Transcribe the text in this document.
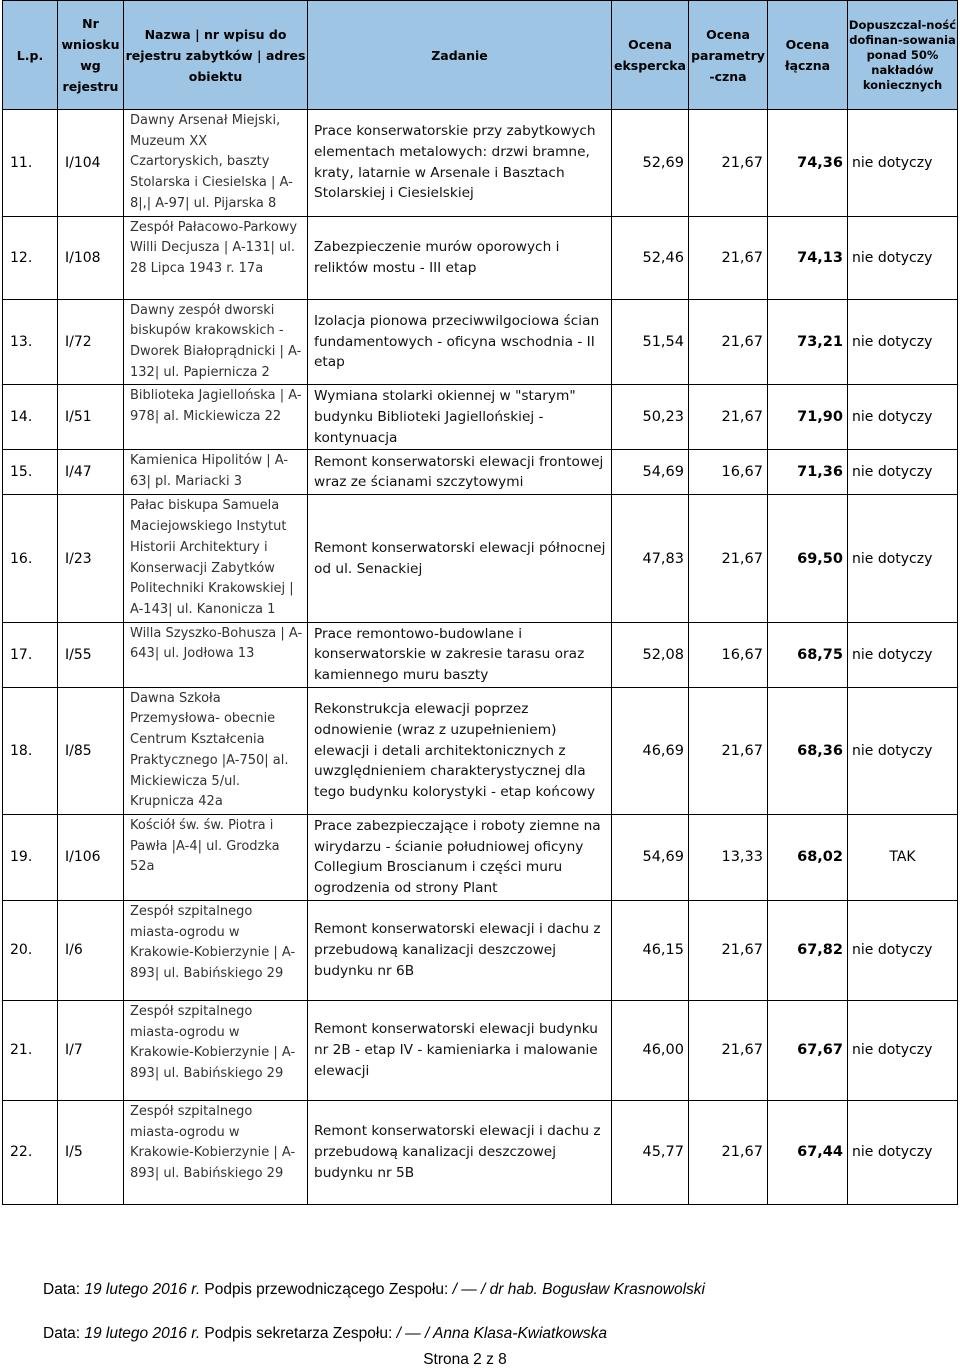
L.p.	Nr wniosku wg rejestru	Nazwa | nr wpisu do rejestru zabytków | adres obiektu	Zadanie	Ocena ekspercka	Ocena parametry -czna	Ocena łączna	Dopuszczal-ność dofinan-sowania ponad 50% nakładów koniecznych
11.	I/104	Dawny Arsenał Miejski, Muzeum XX Czartoryskich, baszty Stolarska i Ciesielska | A-8|,| A-97| ul. Pijarska 8	Prace konserwatorskie przy zabytkowych elementach metalowych: drzwi bramne, kraty, latarnie w Arsenale i Basztach Stolarskiej i Ciesielskiej	52,69	21,67	74,36	nie dotyczy
12.	I/108	Zespół Pałacowo-Parkowy Willi Decjusza | A-131| ul. 28 Lipca 1943 r. 17a	Zabezpieczenie murów oporowych i reliktów mostu - III etap	52,46	21,67	74,13	nie dotyczy
13.	I/72	Dawny zespół dworski biskupów krakowskich - Dworek Białoprądnicki | A-132| ul. Papiernicza 2	Izolacja pionowa przeciwwilgociowa ścian fundamentowych - oficyna wschodnia - II etap	51,54	21,67	73,21	nie dotyczy
14.	I/51	Biblioteka Jagiellońska | A-978| al. Mickiewicza 22	Wymiana stolarki okiennej w "starym" budynku Biblioteki Jagiellońskiej - kontynuacja	50,23	21,67	71,90	nie dotyczy
15.	I/47	Kamienica Hipolitów | A-63| pl. Mariacki 3	Remont konserwatorski elewacji frontowej wraz ze ścianami szczytowymi	54,69	16,67	71,36	nie dotyczy
16.	I/23	Pałac biskupa Samuela Maciejowskiego Instytut Historii Architektury i Konserwacji Zabytków Politechniki Krakowskiej | A-143| ul. Kanonicza 1	Remont konserwatorski elewacji północnej od ul. Senackiej	47,83	21,67	69,50	nie dotyczy
17.	I/55	Willa Szyszko-Bohusza | A-643| ul. Jodłowa 13	Prace remontowo-budowlane i konserwatorskie w zakresie tarasu oraz kamiennego muru baszty	52,08	16,67	68,75	nie dotyczy
18.	I/85	Dawna Szkoła Przemysłowa- obecnie Centrum Kształcenia Praktycznego |A-750| al. Mickiewicza 5/ul. Krupnicza 42a	Rekonstrukcja elewacji poprzez odnowienie (wraz z uzupełnieniem) elewacji i detali architektonicznych z uwzględnieniem charakterystycznej dla tego budynku kolorystyki - etap końcowy	46,69	21,67	68,36	nie dotyczy
19.	I/106	Kościół św. św. Piotra i Pawła |A-4| ul. Grodzka 52a	Prace zabezpieczające i roboty ziemne na wirydarzu - ścianie południowej oficyny Collegium Broscianum i części muru ogrodzenia od strony Plant	54,69	13,33	68,02	TAK
20.	I/6	Zespół szpitalnego miasta-ogrodu w Krakowie-Kobierzynie | A-893| ul. Babińskiego 29	Remont konserwatorski elewacji i dachu z przebudową kanalizacji deszczowej budynku nr 6B	46,15	21,67	67,82	nie dotyczy
21.	I/7	Zespół szpitalnego miasta-ogrodu w Krakowie-Kobierzynie | A-893| ul. Babińskiego 29	Remont konserwatorski elewacji budynku nr 2B - etap IV - kamieniarka i malowanie elewacji	46,00	21,67	67,67	nie dotyczy
22.	I/5	Zespół szpitalnego miasta-ogrodu w Krakowie-Kobierzynie | A-893| ul. Babińskiego 29	Remont konserwatorski elewacji i dachu z przebudową kanalizacji deszczowej budynku nr 5B	45,77	21,67	67,44	nie dotyczy
Data: 19 lutego 2016 r. Podpis przewodniczącego Zespołu: / — / dr hab. Bogusław Krasnowolski
Data: 19 lutego 2016 r. Podpis sekretarza Zespołu: / — / Anna Klasa-Kwiatkowska
Strona 2 z 8
